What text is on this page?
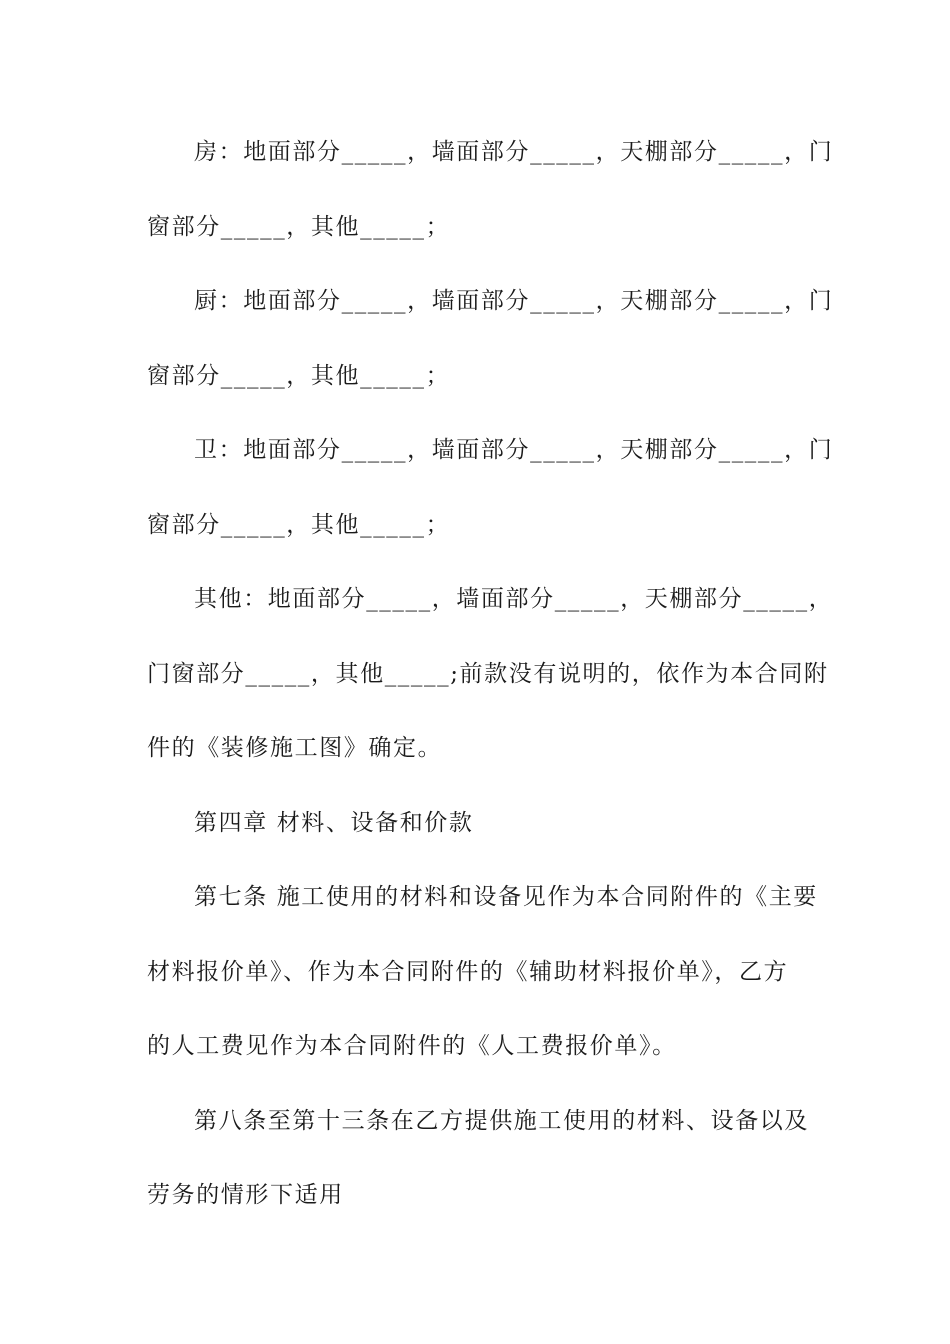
房：地面部分_____，墙面部分_____，天棚部分_____，门
窗部分_____，其他_____；
厨：地面部分_____，墙面部分_____，天棚部分_____，门
窗部分_____，其他_____；
卫：地面部分_____，墙面部分_____，天棚部分_____，门
窗部分_____，其他_____；
其他：地面部分_____，墙面部分_____，天棚部分_____，
门窗部分_____，其他_____;前款没有说明的，依作为本合同附
件的《装修施工图》确定。
第四章 材料、设备和价款
第七条 施工使用的材料和设备见作为本合同附件的《主要
材料报价单》、作为本合同附件的《辅助材料报价单》，乙方
的人工费见作为本合同附件的《人工费报价单》。
第八条至第十三条在乙方提供施工使用的材料、设备以及
劳务的情形下适用
